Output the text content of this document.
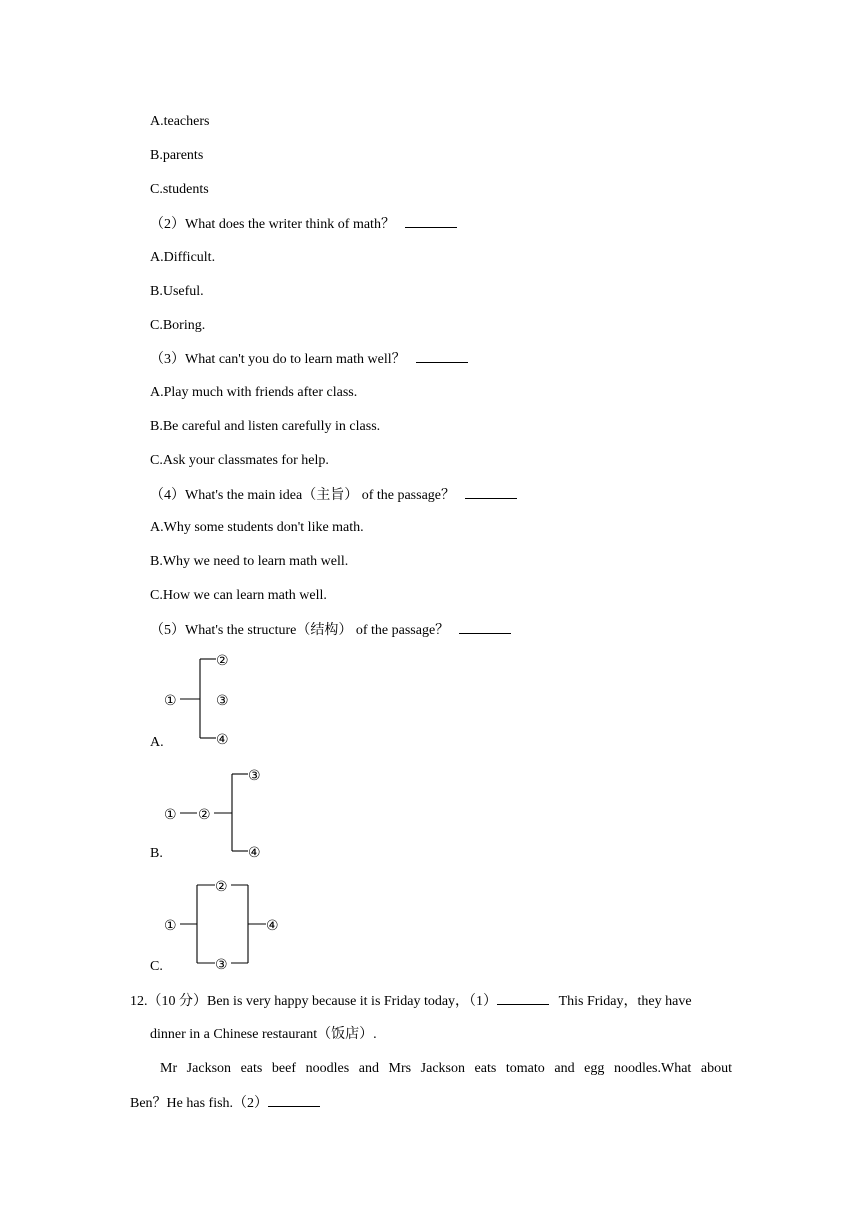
A.teachers
B.parents
C.students
（2）What does the writer think of math？
A.Difficult.
B.Useful.
C.Boring.
（3）What can't you do to learn math well？
A.Play much with friends after class.
B.Be careful and listen carefully in class.
C.Ask your classmates for help.
（4）What's the main idea（主旨） of the passage？
A.Why some students don't like math.
B.Why we need to learn math well.
C.How we can learn math well.
（5）What's the structure（结构） of the passage？
①
②
③
④
A.
① ②
③
④
B.
①
②
③
④
C.
12.（10 分）Ben is very happy because it is Friday today，（1）	This Friday，they have
dinner in a Chinese restaurant（饭店）.
Mr Jackson eats beef noodles and Mrs Jackson eats tomato and egg noodles.What about
Ben？He has fish.（2）
